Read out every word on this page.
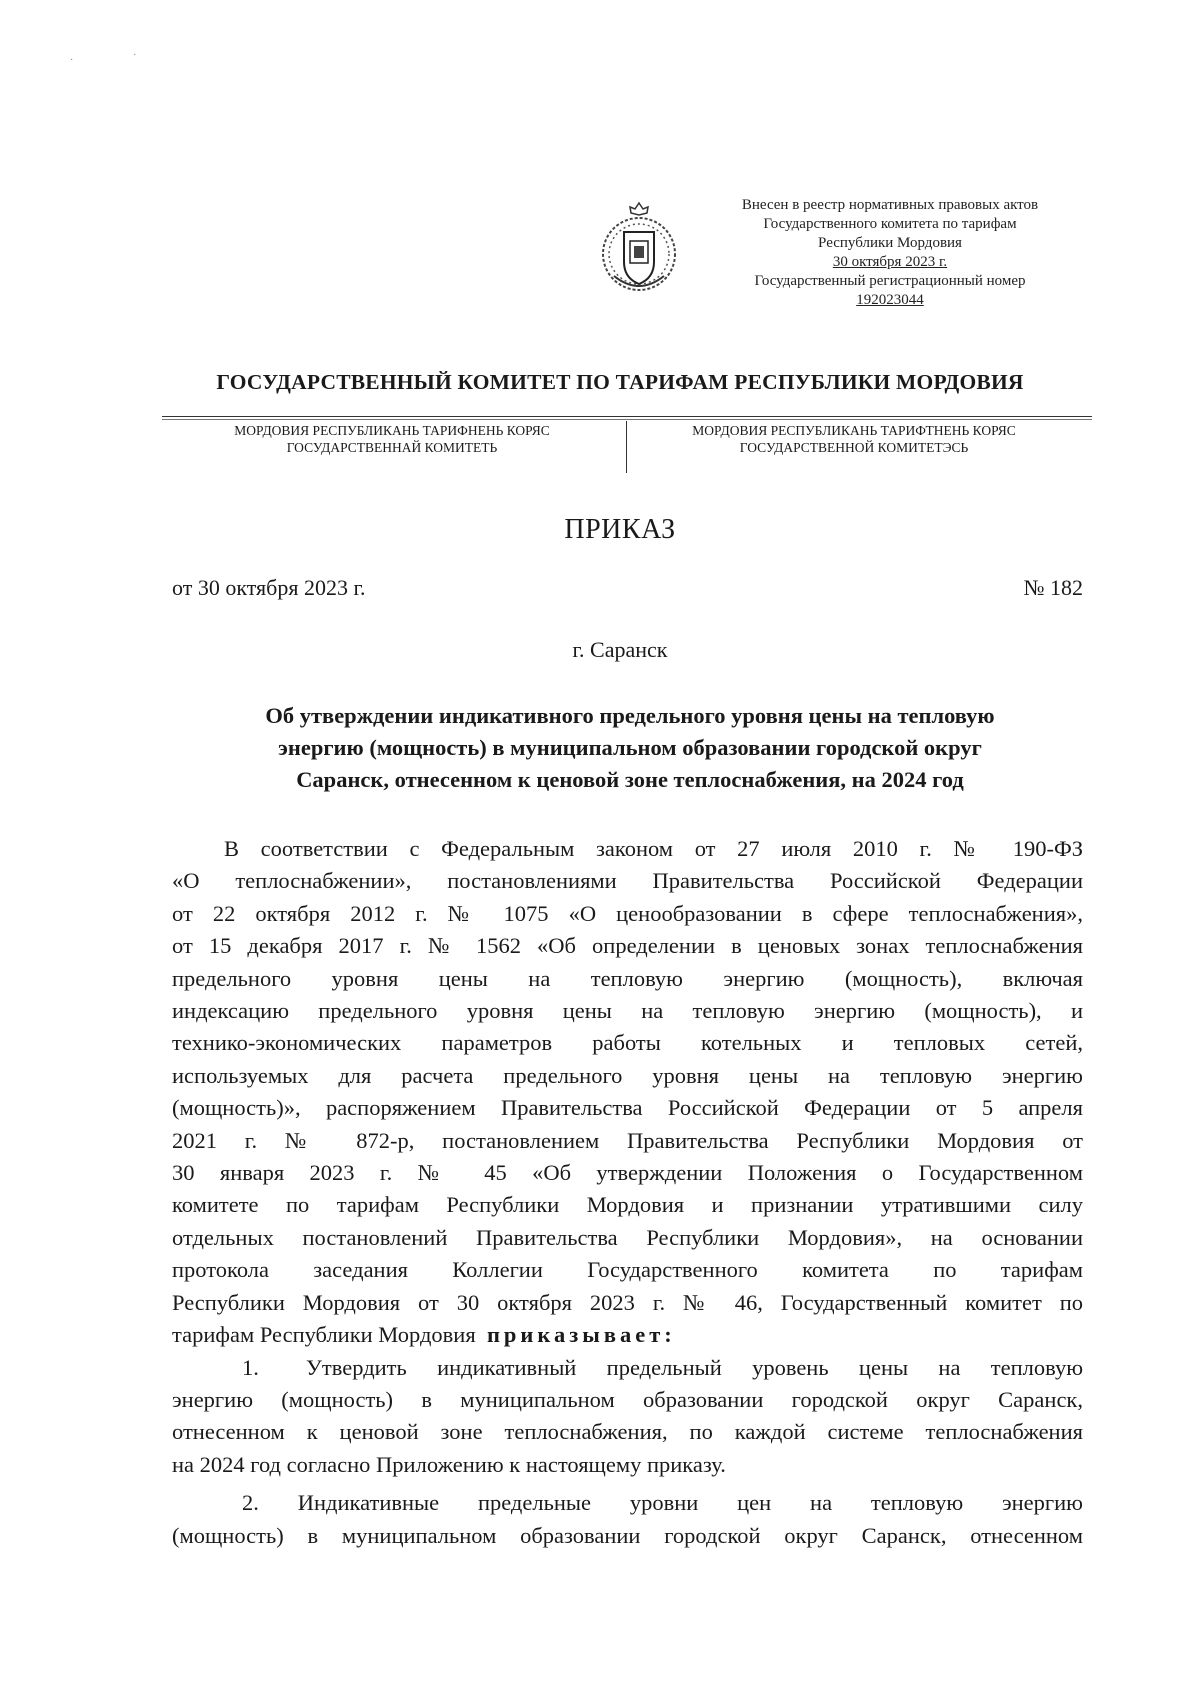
·	·
Внесен в реестр нормативных правовых актов
Государственного комитета по тарифам
Республики Мордовия
30 октября 2023 г.
Государственный регистрационный номер
192023044
ГОСУДАРСТВЕННЫЙ КОМИТЕТ ПО ТАРИФАМ РЕСПУБЛИКИ МОРДОВИЯ
МОРДОВИЯ РЕСПУБЛИКАНЬ ТАРИФНЕНЬ КОРЯС
ГОСУДАРСТВЕННАЙ КОМИТЕТЬ
МОРДОВИЯ РЕСПУБЛИКАНЬ ТАРИФТНЕНЬ КОРЯС
ГОСУДАРСТВЕННОЙ КОМИТЕТЭСЬ
ПРИКАЗ
от 30 октября 2023 г.	№ 182
г. Саранск
Об утверждении индикативного предельного уровня цены на тепловую
энергию (мощность) в муниципальном образовании городской округ
Саранск, отнесенном к ценовой зоне теплоснабжения, на 2024 год
В соответствии с Федеральным законом от 27 июля 2010 г. № 190-ФЗ
«О теплоснабжении», постановлениями Правительства Российской Федерации
от 22 октября 2012 г. № 1075 «О ценообразовании в сфере теплоснабжения»,
от 15 декабря 2017 г. № 1562 «Об определении в ценовых зонах теплоснабжения
предельного уровня цены на тепловую энергию (мощность), включая
индексацию предельного уровня цены на тепловую энергию (мощность), и
технико-экономических параметров работы котельных и тепловых сетей,
используемых для расчета предельного уровня цены на тепловую энергию
(мощность)», распоряжением Правительства Российской Федерации от 5 апреля
2021 г. № 872-р, постановлением Правительства Республики Мордовия от
30 января 2023 г. № 45 «Об утверждении Положения о Государственном
комитете по тарифам Республики Мордовия и признании утратившими силу
отдельных постановлений Правительства Республики Мордовия», на основании
протокола заседания Коллегии Государственного комитета по тарифам
Республики Мордовия от 30 октября 2023 г. № 46, Государственный комитет по
тарифам Республики Мордовия приказывает:
1. Утвердить индикативный предельный уровень цены на тепловую
энергию (мощность) в муниципальном образовании городской округ Саранск,
отнесенном к ценовой зоне теплоснабжения, по каждой системе теплоснабжения
на 2024 год согласно Приложению к настоящему приказу.
2. Индикативные предельные уровни цен на тепловую энергию
(мощность) в муниципальном образовании городской округ Саранск, отнесенном
